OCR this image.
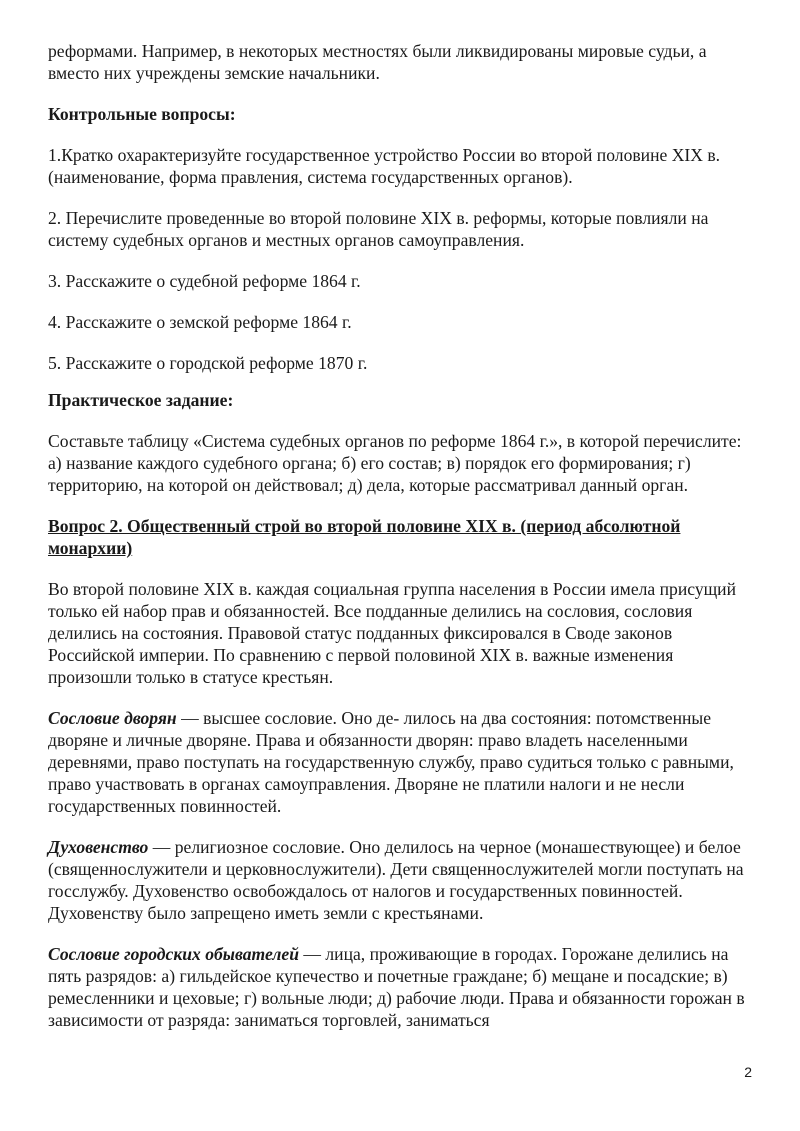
реформами. Например, в некоторых местностях были ликвидированы мировые судьи, а вместо них учреждены земские начальники.

Контрольные вопросы:

1.Кратко охарактеризуйте государственное устройство России во второй половине XIX в. (наименование, форма правления, система государственных органов).

2. Перечислите проведенные во второй половине XIX в. реформы, которые повлияли на систему судебных органов и местных органов самоуправления.

3. Расскажите о судебной реформе 1864 г.

4. Расскажите о земской реформе 1864 г.

5. Расскажите о городской реформе 1870 г.

Практическое задание:

Составьте таблицу «Система судебных органов по реформе 1864 г.», в которой перечислите: а) название каждого судебного органа; б) его состав; в) порядок его формирования; г) территорию, на которой он действовал; д) дела, которые рассматривал данный орган.

Вопрос 2. Общественный строй во второй половине XIX в. (период абсолютной монархии)

Во второй половине XIX в. каждая социальная группа населения в России имела присущий только ей набор прав и обязанностей. Все подданные делились на сословия, сословия делились на состояния. Правовой статус подданных фиксировался в Своде законов Российской империи. По сравнению с первой половиной XIX в. важные изменения произошли только в статусе крестьян.

Сословие дворян — высшее сословие. Оно де- лилось на два состояния: потомственные дворяне и личные дворяне. Права и обязанности дворян: право владеть населенными деревнями, право поступать на государственную службу, право судиться только с равными, право участвовать в органах самоуправления. Дворяне не платили налоги и не несли государственных повинностей.

Духовенство — религиозное сословие. Оно делилось на черное (монашествующее) и белое (священнослужители и церковнослужители). Дети священнослужителей могли поступать на госслужбу. Духовенство освобождалось от налогов и государственных повинностей. Духовенству было запрещено иметь земли с крестьянами.

Сословие городских обывателей — лица, проживающие в городах. Горожане делились на пять разрядов: а) гильдейское купечество и почетные граждане; б) мещане и посадские; в) ремесленники и цеховые; г) вольные люди; д) рабочие люди. Права и обязанности горожан в зависимости от разряда: заниматься торговлей, заниматься

2
